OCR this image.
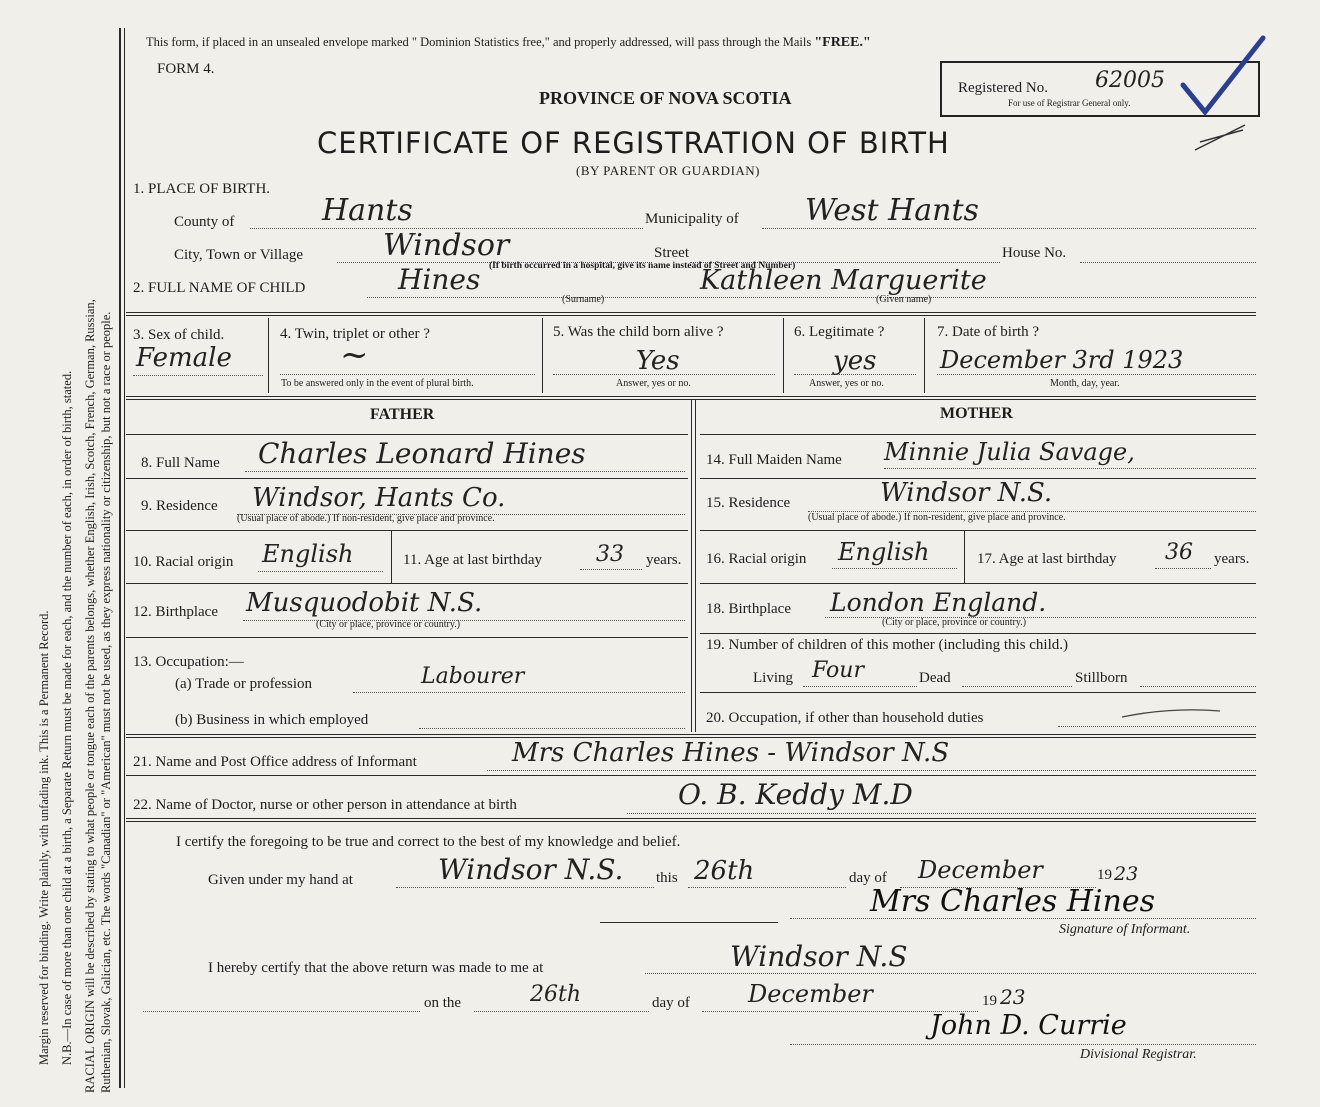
Margin reserved for binding. Write plainly, with unfading ink. This is a Permanent Record. N.B.—In case of more than one child at a birth, a Separate Return must be made for each, and the number of each, in order of birth, stated. RACIAL ORIGIN will be described by stating to what people or tongue each of the parents belongs, whether English, Irish, Scotch, French, German, Russian, Ruthenian, Slovak, Galician, etc. The words "Canadian" or "American" must not be used, as they express nationality or citizenship, but not a race or people.
This form, if placed in an unsealed envelope marked " Dominion Statistics free," and properly addressed, will pass through the Mails "FREE."
FORM 4.
PROVINCE OF NOVA SCOTIA
CERTIFICATE OF REGISTRATION OF BIRTH
(BY PARENT OR GUARDIAN)
Registered No. 62005
For use of Registrar General only.
1. PLACE OF BIRTH.
County of	Hants	Municipality of West Hants
City, Town or Village	Windsor	Street	House No.
(If birth occurred in a hospital, give its name instead of Street and Number)
2. FULL NAME OF CHILD	Hines
(Surname)
Kathleen Marguerite
(Given name)
3. Sex of child.
Female
4. Twin, triplet or other ?
~
To be answered only in the event of plural birth.
5. Was the child born alive ?
Yes
Answer, yes or no.
6. Legitimate ?
yes
Answer, yes or no.
7. Date of birth ?
December 3rd 1923
Month, day, year.
FATHER	MOTHER
8. Full Name Charles Leonard Hines
9. Residence Windsor, Hants Co.
(Usual place of abode.) If non-resident, give place and province.
10. Racial origin English	11. Age at last birthday 33 years.
12. Birthplace Musquodobit N.S.
(City or place, province or country.)
13. Occupation:—
(a) Trade or profession	Labourer
(b) Business in which employed
14. Full Maiden Name Minnie Julia Savage,
15. Residence	Windsor N.S.
(Usual place of abode.) If non-resident, give place and province.
16. Racial origin English	17. Age at last birthday 36 years.
18. Birthplace London England.
(City or place, province or country.)
19. Number of children of this mother (including this child.)
Living Four	Dead	Stillborn
20. Occupation, if other than household duties
21. Name and Post Office address of Informant	Mrs Charles Hines - Windsor N.S
22. Name of Doctor, nurse or other person in attendance at birth	O. B. Keddy M.D
I certify the foregoing to be true and correct to the best of my knowledge and belief.
Given under my hand at	Windsor N.S. this 26th	day of December	19 23
Mrs Charles Hines
Signature of Informant.
I hereby certify that the above return was made to me at	Windsor N.S
on the	26th	day of December	19 23
John D. Currie
Divisional Registrar.
